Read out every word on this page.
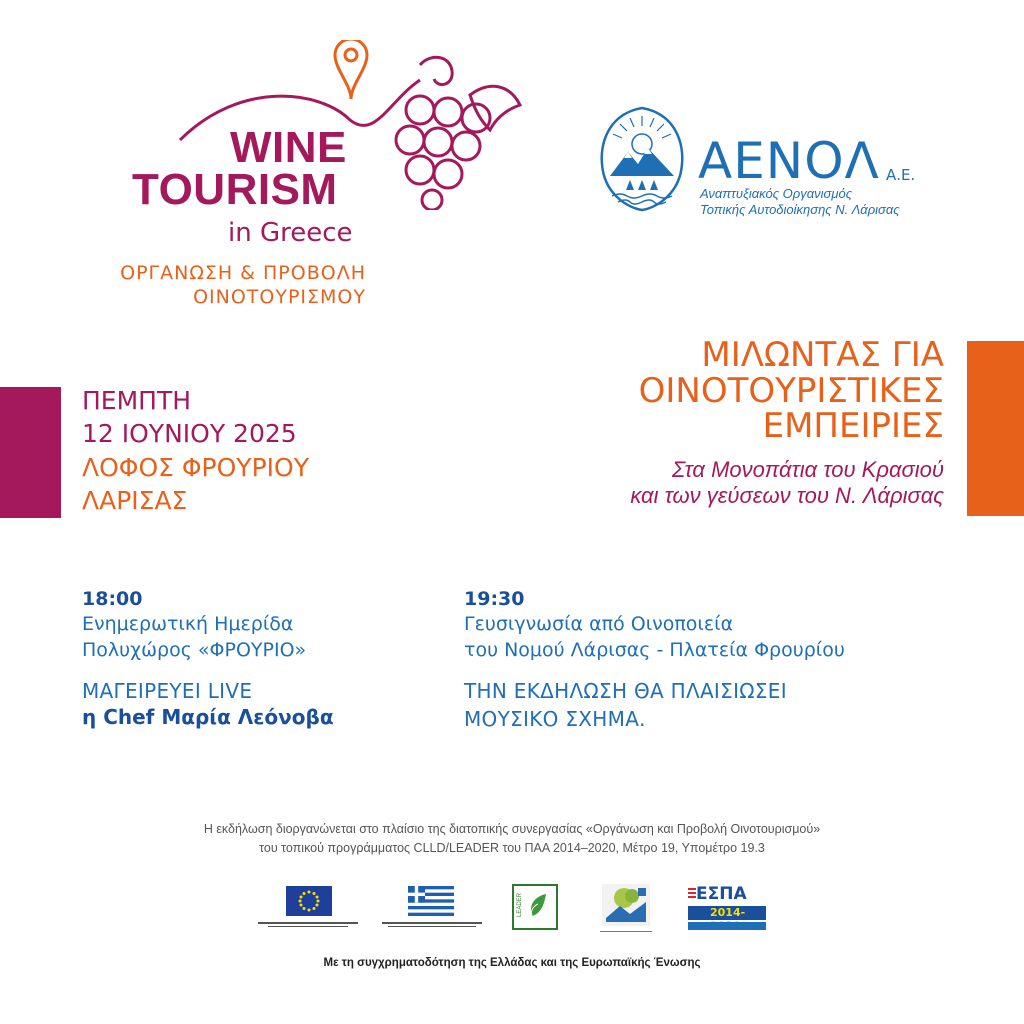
WINE
TOURISM
in Greece
ΟΡΓΑΝΩΣΗ & ΠΡΟΒΟΛΗ
ΟΙΝΟΤΟΥΡΙΣΜΟΥ
ΑΕΝΟΛ Α.Ε.
Αναπτυξιακός Οργανισμός
Τοπικής Αυτοδιοίκησης Ν. Λάρισας
ΠΕΜΠΤΗ
12 ΙΟΥΝΙΟΥ 2025
ΛΟΦΟΣ ΦΡΟΥΡΙΟΥ
ΛΑΡΙΣΑΣ
ΜΙΛΩΝΤΑΣ ΓΙΑ
ΟΙΝΟΤΟΥΡΙΣΤΙΚΕΣ
ΕΜΠΕΙΡΙΕΣ
Στα Μονοπάτια του Κρασιού
και των γεύσεων του Ν. Λάρισας
18:00
Ενημερωτική Ημερίδα
Πολυχώρος «ΦΡΟΥΡΙΟ»
ΜΑΓΕΙΡΕΥΕΙ LIVE
η Chef Μαρία Λεόνοβα
19:30
Γευσιγνωσία από Οινοποιεία
του Νομού Λάρισας - Πλατεία Φρουρίου
ΤΗΝ ΕΚΔΗΛΩΣΗ ΘΑ ΠΛΑΙΣΙΩΣΕΙ
ΜΟΥΣΙΚΟ ΣΧΗΜΑ.
Η εκδήλωση διοργανώνεται στο πλαίσιο της διατοπικής συνεργασίας «Οργάνωση και Προβολή Οινοτουρισμού»
του τοπικού προγράμματος CLLD/LEADER του ΠΑΑ 2014–2020, Μέτρο 19, Υπομέτρο 19.3
LEADER	ΕΣΠΑ
2014-
Με τη συγχρηματοδότηση της Ελλάδας και της Ευρωπαϊκής Ένωσης
